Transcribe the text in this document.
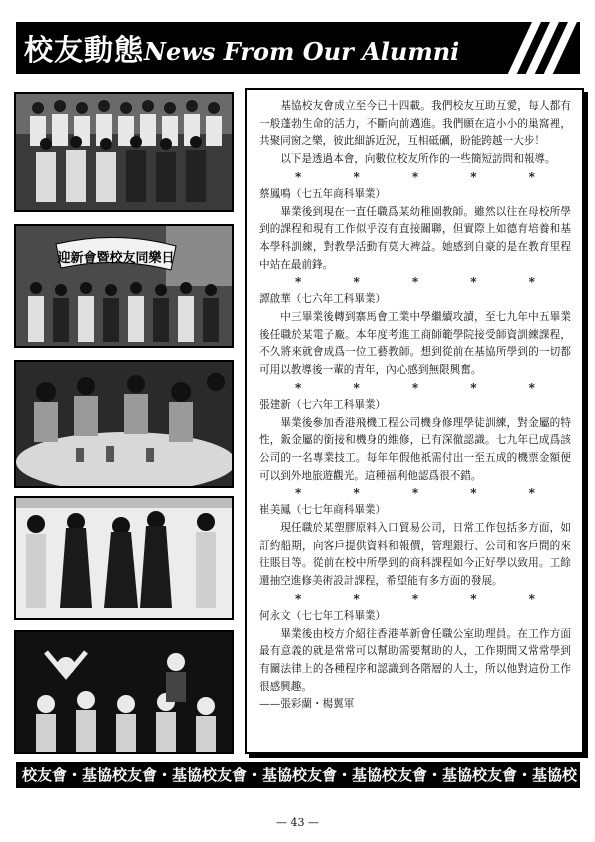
校友動態News From Our Alumni
迎新會暨校友同樂日

基協校友會成立至今已十四載。我們校友互助互愛，每人都有一般蓬勃生命的活力，不斷向前邁進。我們願在這小小的巢窩裡，共聚同窗之樂，彼此細訴近況，互相砥礪，盼能跨越一大步！

以下是透過本會，向數位校友所作的一些簡短訪問和報導。

*	*	*	*	*

蔡鳳鳴（七五年商科畢業）

畢業後到現在一直任職爲某幼稚園教師。雖然以往在母校所學到的課程和現有工作似乎沒有直接關聯，但實際上如德育培養和基本學科訓練，對教學活動有莫大裨益。她感到自豪的是在教育里程中站在最前鋒。

*	*	*	*	*

譚啟華（七六年工科畢業）

中三畢業後轉到寨馬會工業中學繼續攻讀，至七九年中五畢業後任職於某電子廠。本年度考進工商師範學院接受師資訓練課程，不久將來就會成爲一位工藝教師。想到從前在基協所學到的一切都可用以教導後一輩的青年，內心感到無限興奮。

*	*	*	*	*

張建新（七六年工科畢業）

畢業後參加香港飛機工程公司機身修理學徒訓練，對金屬的特性，鈑金屬的銜接和機身的維修，已有深徹認識。七九年已成爲該公司的一名專業技工。每年年假他祇需付出一至五成的機票金額便可以到外地旅遊觀光。這種福利他認爲很不錯。

*	*	*	*	*

崔美鳳（七七年商科畢業）

現任職於某塑膠原料入口貿易公司，日常工作包括多方面，如訂約船期，向客戶提供資料和報價，管理銀行、公司和客戶間的來往賬目等。從前在校中所學到的商科課程如今正好學以致用。工餘還抽空進修美術設計課程，希望能有多方面的發展。

*	*	*	*	*

何永文（七七年工科畢業）

畢業後由校方介紹往香港革新會任職公室助理員。在工作方面最有意義的就是常常可以幫助需要幫助的人，工作期間又常常學到有關法律上的各種程序和認識到各階層的人士，所以他對這份工作很感興趣。

——張彩蘭・楊翼軍

校友會・基協校友會・基協校友會・基協校友會・基協校友會・基協校友會・基協校
— 43 —
